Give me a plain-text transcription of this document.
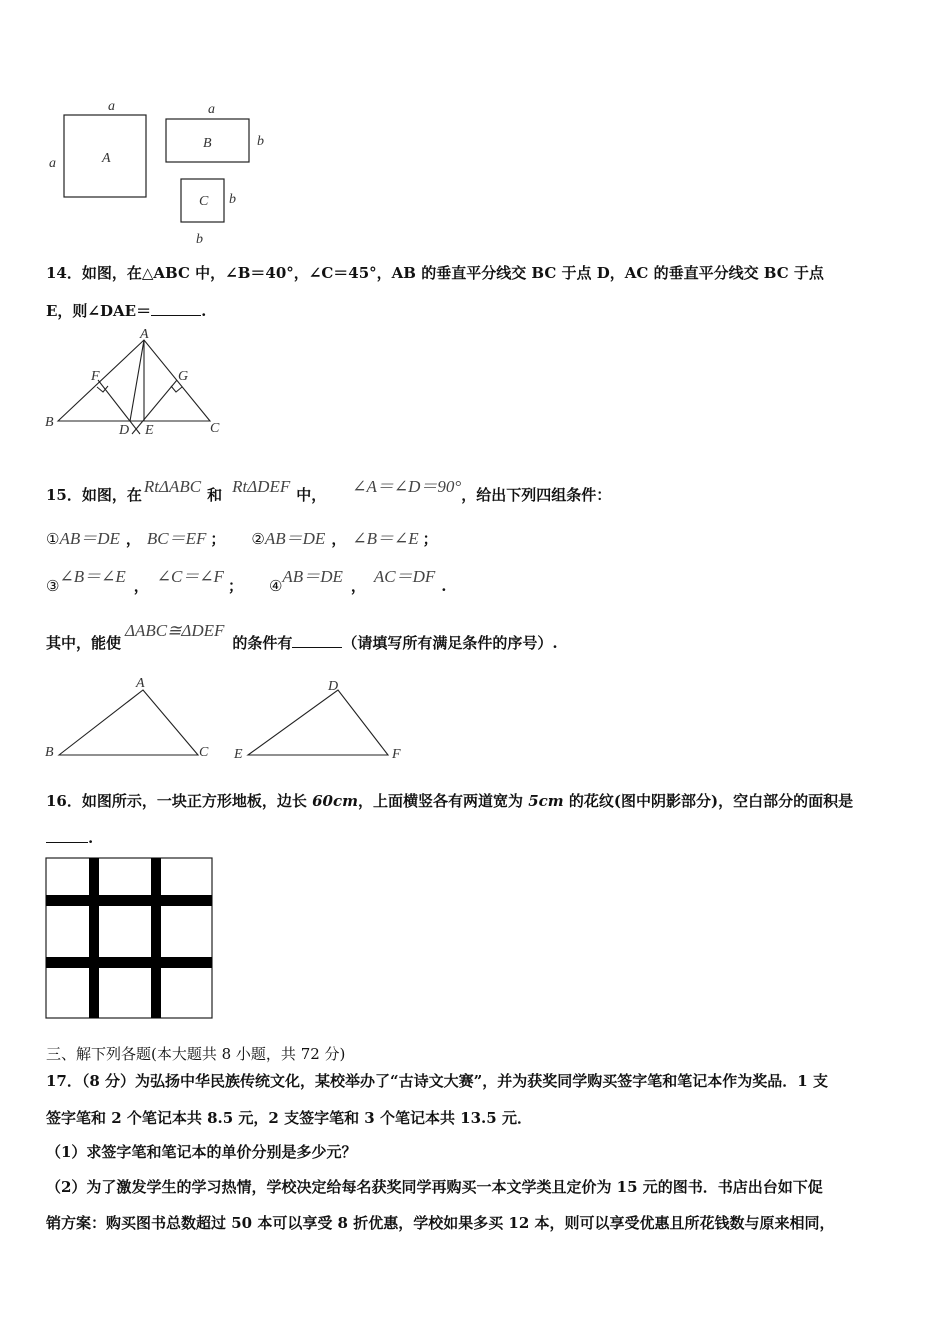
a
a	A
a
b
B
C b
b
14．如图，在△ABC 中，∠B＝40°，∠C＝45°，AB 的垂直平分线交 BC 于点 D，AC 的垂直平分线交 BC 于点
E，则∠DAE＝	.
A
B	C
D E
F	G
15．如图，在 RtΔABC 和 RtΔDEF 中， ∠A＝∠D＝90°，给出下列四组条件：
①AB＝DE ， BC＝EF ； ②AB＝DE ， ∠B＝∠E ；
③∠B＝∠E ， ∠C＝∠F ； ④AB＝DE ， AC＝DF .
其中，能使ΔABC≅ΔDEF的条件有	（请填写所有满足条件的序号）.
A
B	C
D
E	F
16．如图所示，一块正方形地板，边长 60cm，上面横竖各有两道宽为 5cm 的花纹(图中阴影部分)，空白部分的面积是
.
三、解下列各题(本大题共 8 小题，共 72 分)
17．（8 分）为弘扬中华民族传统文化，某校举办了“古诗文大赛”，并为获奖同学购买签字笔和笔记本作为奖品．1 支
签字笔和 2 个笔记本共 8.5 元，2 支签字笔和 3 个笔记本共 13.5 元．
（1）求签字笔和笔记本的单价分别是多少元？
（2）为了激发学生的学习热情，学校决定给每名获奖同学再购买一本文学类且定价为 15 元的图书．书店出台如下促
销方案：购买图书总数超过 50 本可以享受 8 折优惠，学校如果多买 12 本，则可以享受优惠且所花钱数与原来相同，
